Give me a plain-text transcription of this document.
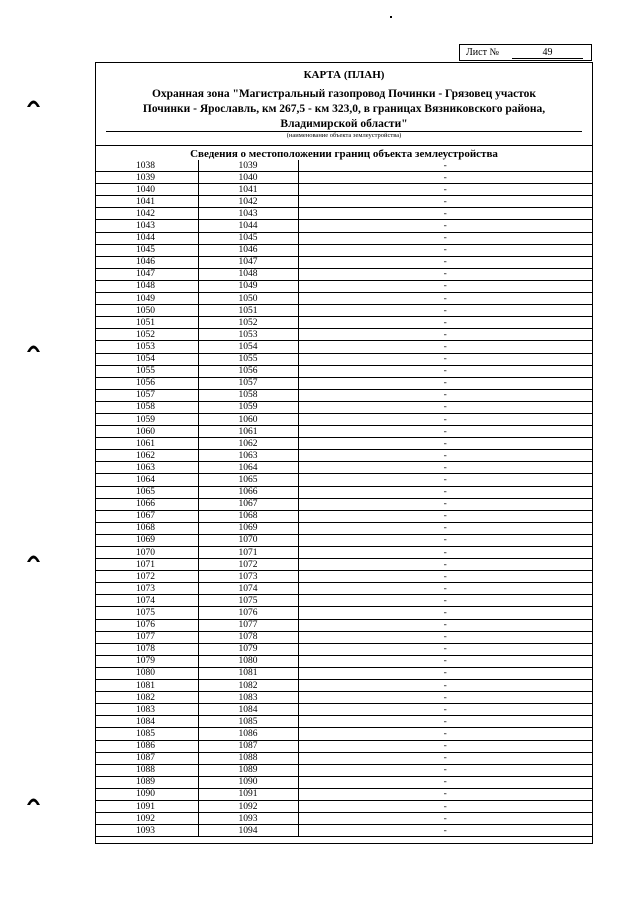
Лист №	49
КАРТА (ПЛАН)
Охранная зона "Магистральный газопровод Починки - Грязовец участок
Починки - Ярославль, км 267,5 - км 323,0, в границах Вязниковского района,
Владимирской области"
(наименование объекта землеустройства)
Сведения о местоположении границ объекта землеустройства
1038	1039	-
1039	1040	-
1040	1041	-
1041	1042	-
1042	1043	-
1043	1044	-
1044	1045	-
1045	1046	-
1046	1047	-
1047	1048	-
1048	1049	-
1049	1050	-
1050	1051	-
1051	1052	-
1052	1053	-
1053	1054	-
1054	1055	-
1055	1056	-
1056	1057	-
1057	1058	-
1058	1059	-
1059	1060	-
1060	1061	-
1061	1062	-
1062	1063	-
1063	1064	-
1064	1065	-
1065	1066	-
1066	1067	-
1067	1068	-
1068	1069	-
1069	1070	-
1070	1071	-
1071	1072	-
1072	1073	-
1073	1074	-
1074	1075	-
1075	1076	-
1076	1077	-
1077	1078	-
1078	1079	-
1079	1080	-
1080	1081	-
1081	1082	-
1082	1083	-
1083	1084	-
1084	1085	-
1085	1086	-
1086	1087	-
1087	1088	-
1088	1089	-
1089	1090	-
1090	1091	-
1091	1092	-
1092	1093	-
1093	1094	-
